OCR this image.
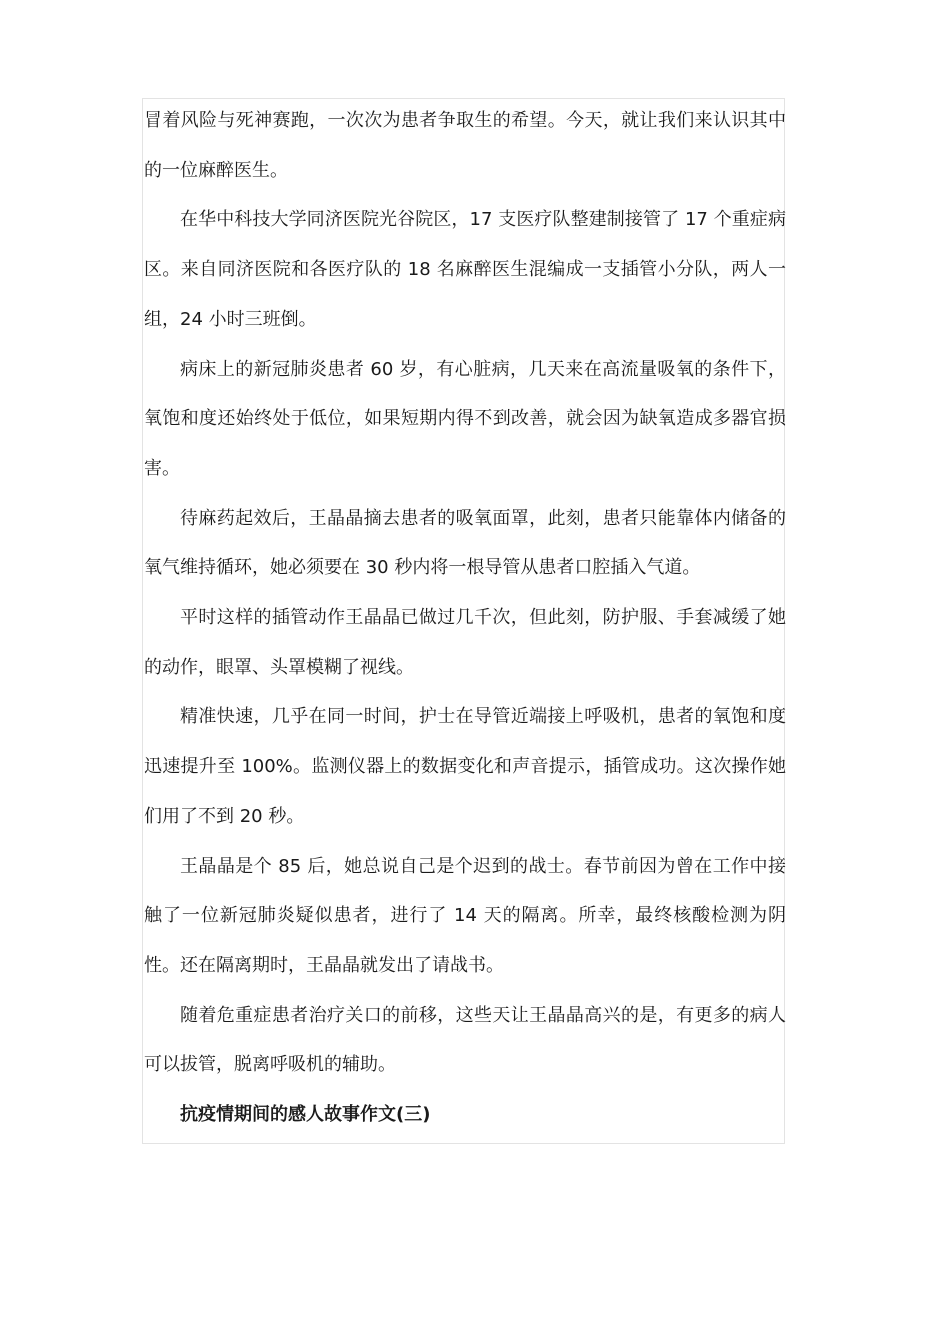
冒着风险与死神赛跑，一次次为患者争取生的希望。今天，就让我们来认识其中的一位麻醉医生。

在华中科技大学同济医院光谷院区，17 支医疗队整建制接管了 17 个重症病区。来自同济医院和各医疗队的 18 名麻醉医生混编成一支插管小分队，两人一组，24 小时三班倒。

病床上的新冠肺炎患者 60 岁，有心脏病，几天来在高流量吸氧的条件下，氧饱和度还始终处于低位，如果短期内得不到改善，就会因为缺氧造成多器官损害。

待麻药起效后，王晶晶摘去患者的吸氧面罩，此刻，患者只能靠体内储备的氧气维持循环，她必须要在 30 秒内将一根导管从患者口腔插入气道。

平时这样的插管动作王晶晶已做过几千次，但此刻，防护服、手套减缓了她的动作，眼罩、头罩模糊了视线。

精准快速，几乎在同一时间，护士在导管近端接上呼吸机，患者的氧饱和度迅速提升至 100%。监测仪器上的数据变化和声音提示，插管成功。这次操作她们用了不到 20 秒。

王晶晶是个 85 后，她总说自己是个迟到的战士。春节前因为曾在工作中接触了一位新冠肺炎疑似患者，进行了 14 天的隔离。所幸，最终核酸检测为阴性。还在隔离期时，王晶晶就发出了请战书。

随着危重症患者治疗关口的前移，这些天让王晶晶高兴的是，有更多的病人可以拔管，脱离呼吸机的辅助。

抗疫情期间的感人故事作文(三)
